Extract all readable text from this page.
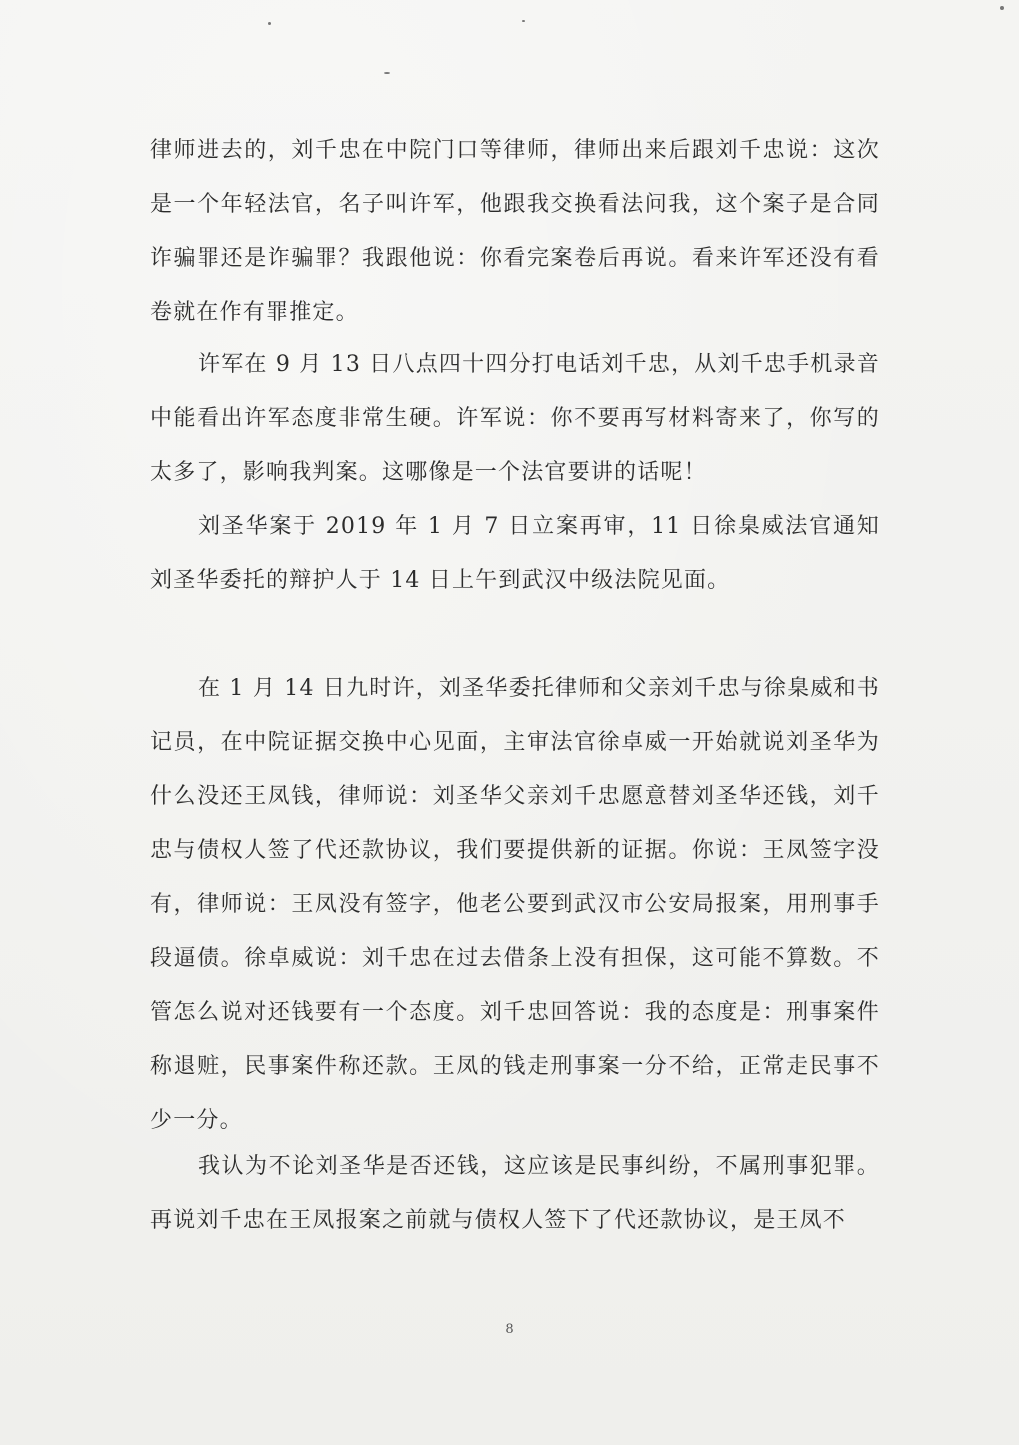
律师进去的，刘千忠在中院门口等律师，律师出来后跟刘千忠说：这次是一个年轻法官，名子叫许军，他跟我交换看法问我，这个案子是合同诈骗罪还是诈骗罪？我跟他说：你看完案卷后再说。看来许军还没有看卷就在作有罪推定。

许军在 9 月 13 日八点四十四分打电话刘千忠，从刘千忠手机录音中能看出许军态度非常生硬。许军说：你不要再写材料寄来了，你写的太多了，影响我判案。这哪像是一个法官要讲的话呢！

刘圣华案于 2019 年 1 月 7 日立案再审，11 日徐臬威法官通知刘圣华委托的辩护人于 14 日上午到武汉中级法院见面。

在 1 月 14 日九时许，刘圣华委托律师和父亲刘千忠与徐臬威和书记员，在中院证据交换中心见面，主审法官徐卓威一开始就说刘圣华为什么没还王凤钱，律师说：刘圣华父亲刘千忠愿意替刘圣华还钱，刘千忠与债权人签了代还款协议，我们要提供新的证据。你说：王凤签字没有，律师说：王凤没有签字，他老公要到武汉市公安局报案，用刑事手段逼债。徐卓威说：刘千忠在过去借条上没有担保，这可能不算数。不管怎么说对还钱要有一个态度。刘千忠回答说：我的态度是：刑事案件称退赃，民事案件称还款。王凤的钱走刑事案一分不给，正常走民事不少一分。

我认为不论刘圣华是否还钱，这应该是民事纠纷，不属刑事犯罪。再说刘千忠在王凤报案之前就与债权人签下了代还款协议，是王凤不

8
